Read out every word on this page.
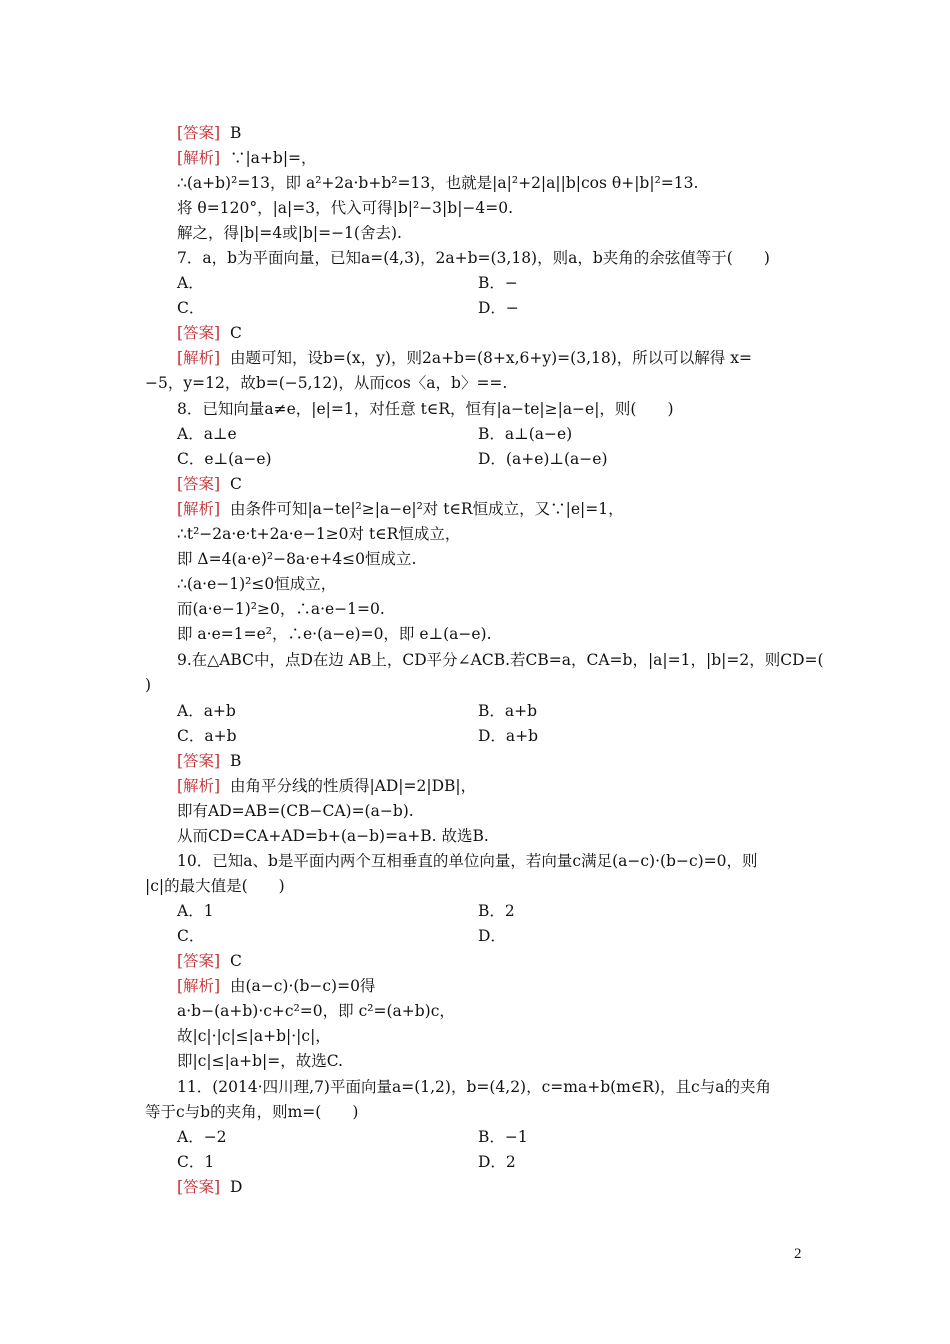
[答案]  B
[解析]  ∵|a+b|=，
∴(a+b)²=13，即 a²+2a·b+b²=13，也就是|a|²+2|a||b|cos θ+|b|²=13.
将 θ=120°，|a|=3，代入可得|b|²−3|b|−4=0.
解之，得|b|=4或|b|=−1(舍去).
7．a，b为平面向量，已知a=(4,3)，2a+b=(3,18)，则a，b夹角的余弦值等于(　　)
A．	B．−
C．	D．−
[答案]  C
[解析]  由题可知，设b=(x，y)，则2a+b=(8+x,6+y)=(3,18)，所以可以解得 x=
−5，y=12，故b=(−5,12)，从而cos〈a，b〉==.
8．已知向量a≠e，|e|=1，对任意 t∈R，恒有|a−te|≥|a−e|，则(　　)
A．a⊥e	B．a⊥(a−e)
C．e⊥(a−e)	D．(a+e)⊥(a−e)
[答案]  C
[解析]  由条件可知|a−te|²≥|a−e|²对 t∈R恒成立，又∵|e|=1，
∴t²−2a·e·t+2a·e−1≥0对 t∈R恒成立，
即 Δ=4(a·e)²−8a·e+4≤0恒成立.
∴(a·e−1)²≤0恒成立，
而(a·e−1)²≥0，∴a·e−1=0.
即 a·e=1=e²，∴e·(a−e)=0，即 e⊥(a−e).
9.在△ABC中，点D在边 AB上，CD平分∠ACB.若CB=a，CA=b，|a|=1，|b|=2，则CD=(
)
A．a+b	B．a+b
C．a+b	D．a+b
[答案]  B
[解析]  由角平分线的性质得|AD|=2|DB|，
即有AD=AB=(CB−CA)=(a−b).
从而CD=CA+AD=b+(a−b)=a+B. 故选B.
10．已知a、b是平面内两个互相垂直的单位向量，若向量c满足(a−c)·(b−c)=0，则
|c|的最大值是(　　)
A．1	B．2
C．	D．
[答案]  C
[解析]  由(a−c)·(b−c)=0得
a·b−(a+b)·c+c²=0，即 c²=(a+b)c，
故|c|·|c|≤|a+b|·|c|，
即|c|≤|a+b|=，故选C.
11．(2014·四川理,7)平面向量a=(1,2)，b=(4,2)，c=ma+b(m∈R)，且c与a的夹角
等于c与b的夹角，则m=(　　)
A．−2	B．−1
C．1	D．2
[答案]  D
2
